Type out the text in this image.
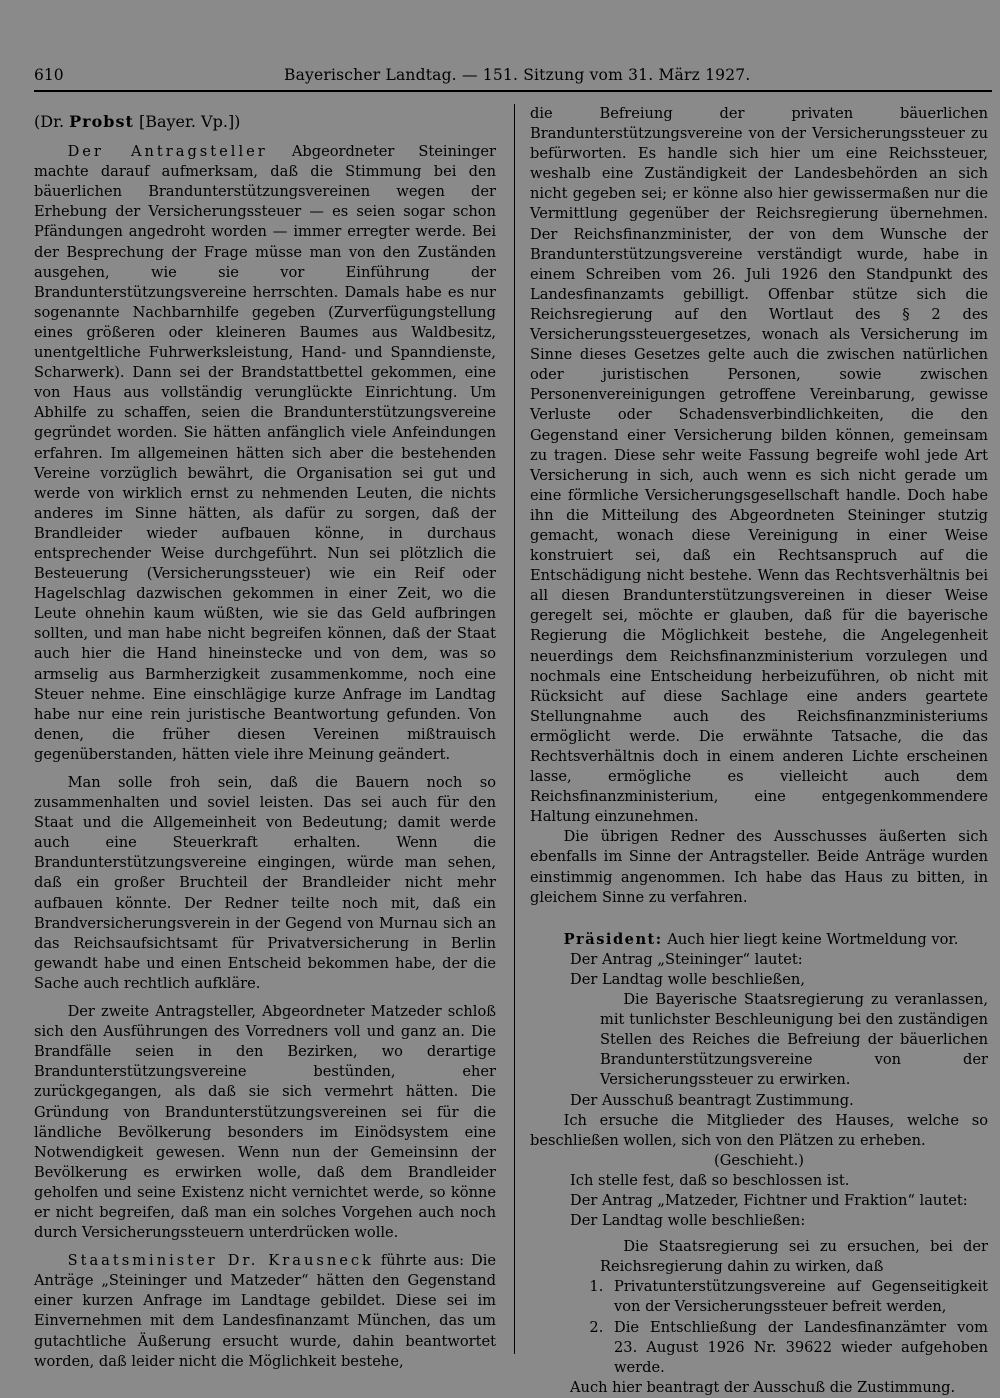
610	Bayerischer Landtag. — 151. Sitzung vom 31. März 1927.
(Dr. Probst [Bayer. Vp.])

Der Antragsteller Abgeordneter Steininger machte darauf aufmerksam, daß die Stimmung bei den bäuerlichen Brandunterstützungsvereinen wegen der Erhebung der Versicherungssteuer — es seien sogar schon Pfändungen angedroht worden — immer erregter werde. Bei der Besprechung der Frage müsse man von den Zuständen ausgehen, wie sie vor Einführung der Brandunterstützungsvereine herrschten. Damals habe es nur sogenannte Nachbarnhilfe gegeben (Zurverfügungstellung eines größeren oder kleineren Baumes aus Waldbesitz, unentgeltliche Fuhrwerksleistung, Hand- und Spanndienste, Scharwerk). Dann sei der Brandstattbettel gekommen, eine von Haus aus vollständig verunglückte Einrichtung. Um Abhilfe zu schaffen, seien die Brandunterstützungsvereine gegründet worden. Sie hätten anfänglich viele Anfeindungen erfahren. Im allgemeinen hätten sich aber die bestehenden Vereine vorzüglich bewährt, die Organisation sei gut und werde von wirklich ernst zu nehmenden Leuten, die nichts anderes im Sinne hätten, als dafür zu sorgen, daß der Brandleider wieder aufbauen könne, in durchaus entsprechender Weise durchgeführt. Nun sei plötzlich die Besteuerung (Versicherungssteuer) wie ein Reif oder Hagelschlag dazwischen gekommen in einer Zeit, wo die Leute ohnehin kaum wüßten, wie sie das Geld aufbringen sollten, und man habe nicht begreifen können, daß der Staat auch hier die Hand hineinstecke und von dem, was so armselig aus Barmherzigkeit zusammenkomme, noch eine Steuer nehme. Eine einschlägige kurze Anfrage im Landtag habe nur eine rein juristische Beantwortung gefunden. Von denen, die früher diesen Vereinen mißtrauisch gegenüberstanden, hätten viele ihre Meinung geändert.

Man solle froh sein, daß die Bauern noch so zusammenhalten und soviel leisten. Das sei auch für den Staat und die Allgemeinheit von Bedeutung; damit werde auch eine Steuerkraft erhalten. Wenn die Brandunterstützungsvereine eingingen, würde man sehen, daß ein großer Bruchteil der Brandleider nicht mehr aufbauen könnte. Der Redner teilte noch mit, daß ein Brandversicherungsverein in der Gegend von Murnau sich an das Reichsaufsichtsamt für Privatversicherung in Berlin gewandt habe und einen Entscheid bekommen habe, der die Sache auch rechtlich aufkläre.

Der zweite Antragsteller, Abgeordneter Matzeder schloß sich den Ausführungen des Vorredners voll und ganz an. Die Brandfälle seien in den Bezirken, wo derartige Brandunterstützungsvereine bestünden, eher zurückgegangen, als daß sie sich vermehrt hätten. Die Gründung von Brandunterstützungsvereinen sei für die ländliche Bevölkerung besonders im Einödsystem eine Notwendigkeit gewesen. Wenn nun der Gemeinsinn der Bevölkerung es erwirken wolle, daß dem Brandleider geholfen und seine Existenz nicht vernichtet werde, so könne er nicht begreifen, daß man ein solches Vorgehen auch noch durch Versicherungssteuern unterdrücken wolle.

Staatsminister Dr. Krausneck führte aus: Die Anträge „Steininger und Matzeder“ hätten den Gegenstand einer kurzen Anfrage im Landtage gebildet. Diese sei im Einvernehmen mit dem Landesfinanzamt München, das um gutachtliche Äußerung ersucht wurde, dahin beantwortet worden, daß leider nicht die Möglichkeit bestehe,

die Befreiung der privaten bäuerlichen Brandunterstützungsvereine von der Versicherungssteuer zu befürworten. Es handle sich hier um eine Reichssteuer, weshalb eine Zuständigkeit der Landesbehörden an sich nicht gegeben sei; er könne also hier gewissermaßen nur die Vermittlung gegenüber der Reichsregierung übernehmen. Der Reichsfinanzminister, der von dem Wunsche der Brandunterstützungsvereine verständigt wurde, habe in einem Schreiben vom 26. Juli 1926 den Standpunkt des Landesfinanzamts gebilligt. Offenbar stütze sich die Reichsregierung auf den Wortlaut des § 2 des Versicherungssteuergesetzes, wonach als Versicherung im Sinne dieses Gesetzes gelte auch die zwischen natürlichen oder juristischen Personen, sowie zwischen Personenvereinigungen getroffene Vereinbarung, gewisse Verluste oder Schadensverbindlichkeiten, die den Gegenstand einer Versicherung bilden können, gemeinsam zu tragen. Diese sehr weite Fassung begreife wohl jede Art Versicherung in sich, auch wenn es sich nicht gerade um eine förmliche Versicherungsgesellschaft handle. Doch habe ihn die Mitteilung des Abgeordneten Steininger stutzig gemacht, wonach diese Vereinigung in einer Weise konstruiert sei, daß ein Rechtsanspruch auf die Entschädigung nicht bestehe. Wenn das Rechtsverhältnis bei all diesen Brandunterstützungsvereinen in dieser Weise geregelt sei, möchte er glauben, daß für die bayerische Regierung die Möglichkeit bestehe, die Angelegenheit neuerdings dem Reichsfinanzministerium vorzulegen und nochmals eine Entscheidung herbeizuführen, ob nicht mit Rücksicht auf diese Sachlage eine anders geartete Stellungnahme auch des Reichsfinanzministeriums ermöglicht werde. Die erwähnte Tatsache, die das Rechtsverhältnis doch in einem anderen Lichte erscheinen lasse, ermögliche es vielleicht auch dem Reichsfinanzministerium, eine entgegenkommendere Haltung einzunehmen.

Die übrigen Redner des Ausschusses äußerten sich ebenfalls im Sinne der Antragsteller. Beide Anträge wurden einstimmig angenommen. Ich habe das Haus zu bitten, in gleichem Sinne zu verfahren.

Präsident: Auch hier liegt keine Wortmeldung vor.

Der Antrag „Steininger“ lautet:

Der Landtag wolle beschließen,

Die Bayerische Staatsregierung zu veranlassen, mit tunlichster Beschleunigung bei den zuständigen Stellen des Reiches die Befreiung der bäuerlichen Brandunterstützungsvereine von der Versicherungssteuer zu erwirken.

Der Ausschuß beantragt Zustimmung.

Ich ersuche die Mitglieder des Hauses, welche so beschließen wollen, sich von den Plätzen zu erheben.

(Geschieht.)

Ich stelle fest, daß so beschlossen ist.

Der Antrag „Matzeder, Fichtner und Fraktion“ lautet:

Der Landtag wolle beschließen:

Die Staatsregierung sei zu ersuchen, bei der Reichsregierung dahin zu wirken, daß

1. Privatunterstützungsvereine auf Gegenseitigkeit von der Versicherungssteuer befreit werden,
2. Die Entschließung der Landesfinanzämter vom 23. August 1926 Nr. 39622 wieder aufgehoben werde.

Auch hier beantragt der Ausschuß die Zustimmung.
